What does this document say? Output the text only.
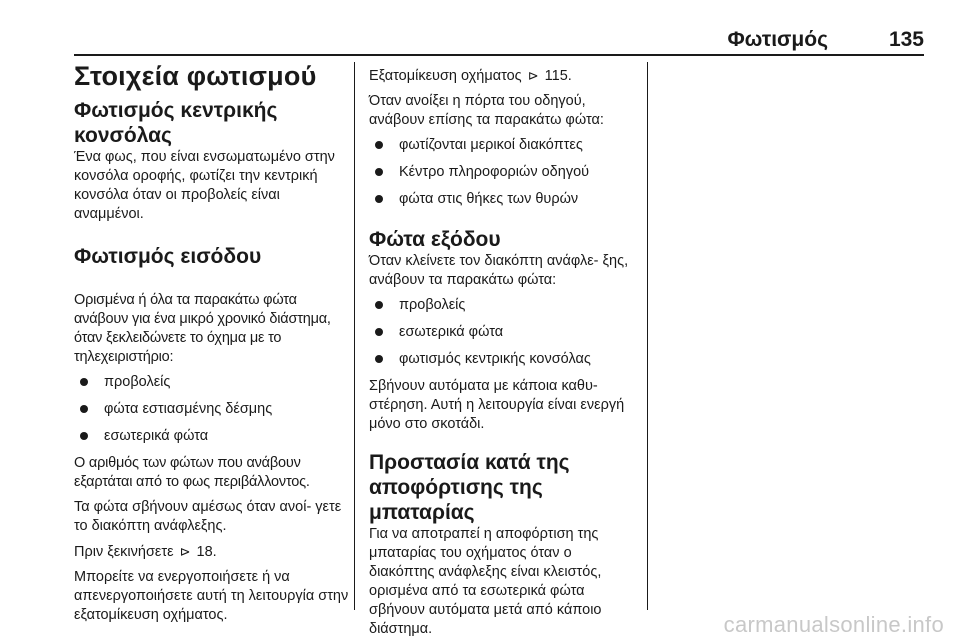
Φωτισμός	135
Στοιχεία φωτισμού
Φωτισμός κεντρικής κονσόλας

Ένα φως, που είναι ενσωματωμένο στην κονσόλα οροφής, φωτίζει την κεντρική κονσόλα όταν οι προβολείς είναι αναμμένοι.

Φωτισμός εισόδου

Ορισμένα ή όλα τα παρακάτω φώτα ανάβουν για ένα μικρό χρονικό διάστημα, όταν ξεκλειδώνετε το όχημα με το τηλεχειριστήριο:

προβολείς
φώτα εστιασμένης δέσμης
εσωτερικά φώτα

Ο αριθμός των φώτων που ανάβουν εξαρτάται από το φως περιβάλλοντος.

Τα φώτα σβήνουν αμέσως όταν ανοί- γετε το διακόπτη ανάφλεξης.

Πριν ξεκινήσετε ⊳ 18.

Μπορείτε να ενεργοποιήσετε ή να απενεργοποιήσετε αυτή τη λειτουργία στην εξατομίκευση οχήματος.

Εξατομίκευση οχήματος ⊳ 115.

Όταν ανοίξει η πόρτα του οδηγού, ανάβουν επίσης τα παρακάτω φώτα:

φωτίζονται μερικοί διακόπτες
Κέντρο πληροφοριών οδηγού
φώτα στις θήκες των θυρών
Φώτα εξόδου

Όταν κλείνετε τον διακόπτη ανάφλε- ξης, ανάβουν τα παρακάτω φώτα:

προβολείς
εσωτερικά φώτα
φωτισμός κεντρικής κονσόλας

Σβήνουν αυτόματα με κάποια καθυ- στέρηση. Αυτή η λειτουργία είναι ενεργή μόνο στο σκοτάδι.

Προστασία κατά της αποφόρτισης της μπαταρίας

Για να αποτραπεί η αποφόρτιση της μπαταρίας του οχήματος όταν ο διακόπτης ανάφλεξης είναι κλειστός, ορισμένα από τα εσωτερικά φώτα σβήνουν αυτόματα μετά από κάποιο διάστημα.	carmanualsonline.info
